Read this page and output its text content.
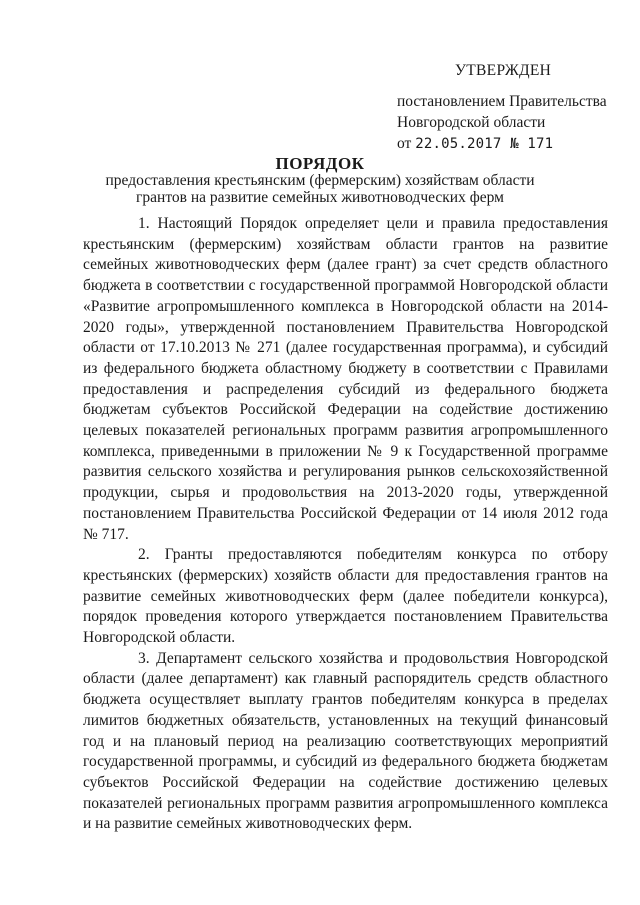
УТВЕРЖДЕН
постановлением Правительства
Новгородской области
от 22.05.2017 № 171
ПОРЯДОК
предоставления крестьянским (фермерским) хозяйствам области грантов на развитие семейных животноводческих ферм

1. Настоящий Порядок определяет цели и правила предоставления крестьянским (фермерским) хозяйствам области грантов на развитие семейных животноводческих ферм (далее грант) за счет средств областного бюджета в соответствии с государственной программой Новгородской области «Развитие агропромышленного комплекса в Новгородской области на 2014-2020 годы», утвержденной постановлением Правительства Новгородской области от 17.10.2013 № 271 (далее государственная программа), и субсидий из федерального бюджета областному бюджету в соответствии с Правилами предоставления и распределения субсидий из федерального бюджета бюджетам субъектов Российской Федерации на содействие достижению целевых показателей региональных программ развития агропромышленного комплекса, приведенными в приложении № 9 к Государственной программе развития сельского хозяйства и регулирования рынков сельскохозяйственной продукции, сырья и продовольствия на 2013-2020 годы, утвержденной постановлением Правительства Российской Федерации от 14 июля 2012 года № 717.

2. Гранты предоставляются победителям конкурса по отбору крестьянских (фермерских) хозяйств области для предоставления грантов на развитие семейных животноводческих ферм (далее победители конкурса), порядок проведения которого утверждается постановлением Правительства Новгородской области.

3. Департамент сельского хозяйства и продовольствия Новгородской области (далее департамент) как главный распорядитель средств областного бюджета осуществляет выплату грантов победителям конкурса в пределах лимитов бюджетных обязательств, установленных на текущий финансовый год и на плановый период на реализацию соответствующих мероприятий государственной программы, и субсидий из федерального бюджета бюджетам субъектов Российской Федерации на содействие достижению целевых показателей региональных программ развития агропромышленного комплекса и на развитие семейных животноводческих ферм.
